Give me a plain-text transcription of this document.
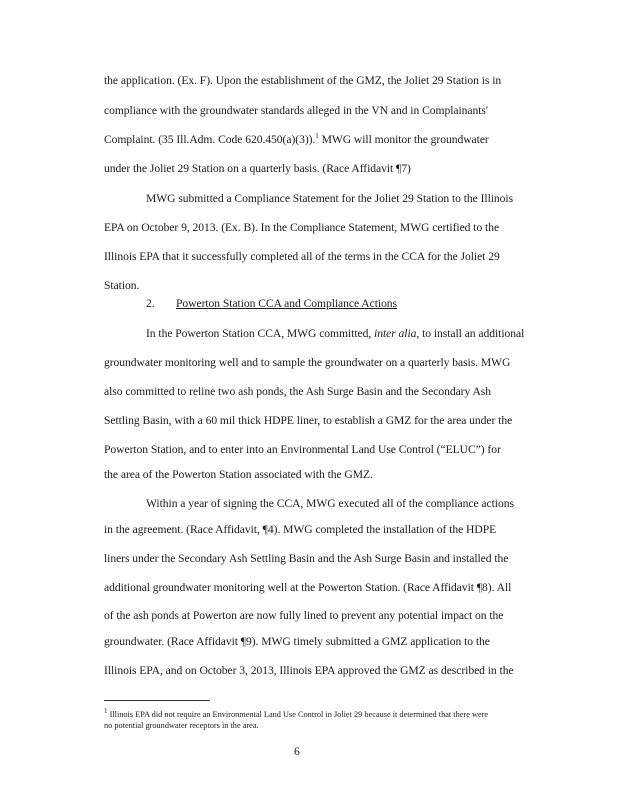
the application. (Ex. F). Upon the establishment of the GMZ, the Joliet 29 Station is in
compliance with the groundwater standards alleged in the VN and in Complainants'
Complaint. (35 Ill.Adm. Code 620.450(a)(3)).$^1$ MWG will monitor the groundwater
under the Joliet 29 Station on a quarterly basis. (Race Affidavit ¶7)
MWG submitted a Compliance Statement for the Joliet 29 Station to the Illinois
EPA on October 9, 2013. (Ex. B). In the Compliance Statement, MWG certified to the
Illinois EPA that it successfully completed all of the terms in the CCA for the Joliet 29
Station.
2. Powerton Station CCA and Compliance Actions
In the Powerton Station CCA, MWG committed, inter alia, to install an additional
groundwater monitoring well and to sample the groundwater on a quarterly basis. MWG
also committed to reline two ash ponds, the Ash Surge Basin and the Secondary Ash
Settling Basin, with a 60 mil thick HDPE liner, to establish a GMZ for the area under the
Powerton Station, and to enter into an Environmental Land Use Control (“ELUC”) for
the area of the Powerton Station associated with the GMZ.
Within a year of signing the CCA, MWG executed all of the compliance actions
in the agreement. (Race Affidavit, ¶4). MWG completed the installation of the HDPE
liners under the Secondary Ash Settling Basin and the Ash Surge Basin and installed the
additional groundwater monitoring well at the Powerton Station. (Race Affidavit ¶8). All
of the ash ponds at Powerton are now fully lined to prevent any potential impact on the
groundwater. (Race Affidavit ¶9). MWG timely submitted a GMZ application to the
Illinois EPA, and on October 3, 2013, Illinois EPA approved the GMZ as described in the
$^1$ Illinois EPA did not require an Environmental Land Use Control in Joliet 29 because it determined that there were
no potential groundwater receptors in the area.
6
